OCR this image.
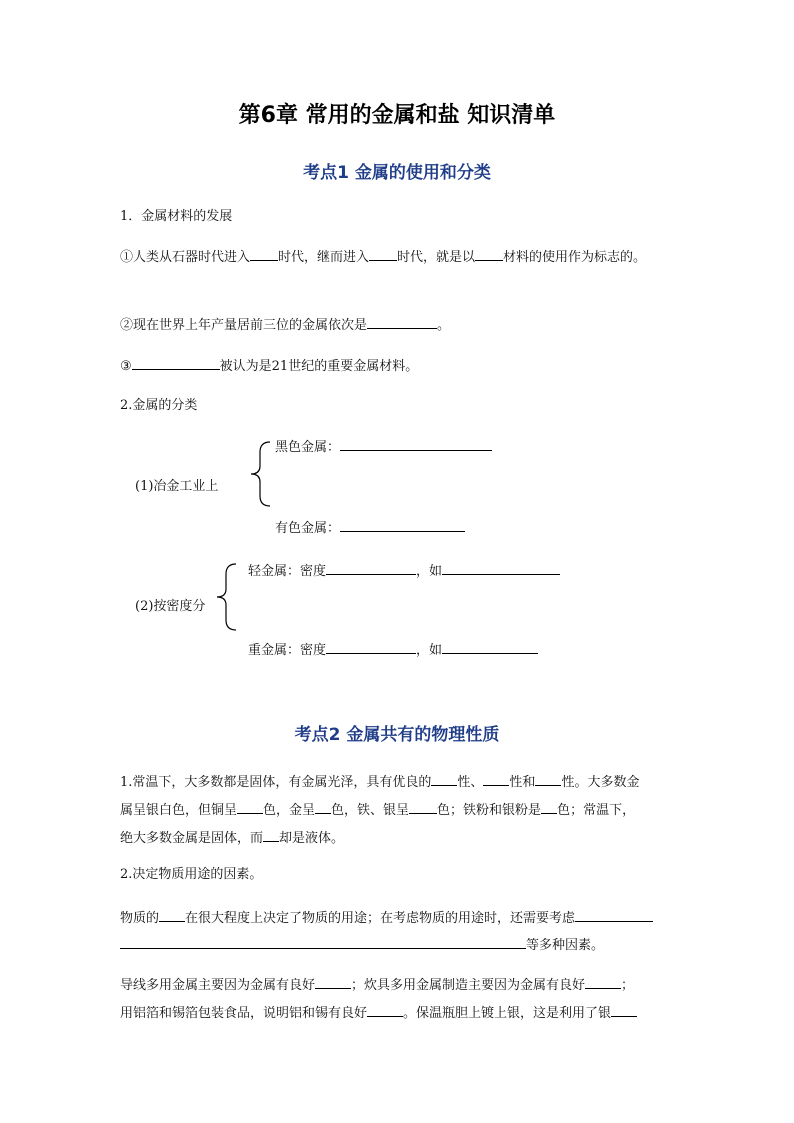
第6章 常用的金属和盐 知识清单
考点1 金属的使用和分类
1．金属材料的发展
①人类从石器时代进入 时代，继而进入 时代，就是以 材料的使用作为标志的。
②现在世界上年产量居前三位的金属依次是	。
③	被认为是21世纪的重要金属材料。
2.金属的分类
(1)冶金工业上
黑色金属：
有色金属：
(2)按密度分
轻金属：密度	，如
重金属：密度	，如
考点2 金属共有的物理性质
1.常温下，大多数都是固体，有金属光泽，具有优良的 性、 性和 性。大多数金
属呈银白色，但铜呈 色，金呈 色，铁、银呈 色；铁粉和银粉是 色；常温下，
绝大多数金属是固体，而 却是液体。
2.决定物质用途的因素。
物质的 在很大程度上决定了物质的用途；在考虑物质的用途时，还需要考虑
等多种因素。
导线多用金属主要因为金属有良好	；炊具多用金属制造主要因为金属有良好	；
用铝箔和锡箔包装食品，说明铝和锡有良好	。保温瓶胆上镀上银，这是利用了银
